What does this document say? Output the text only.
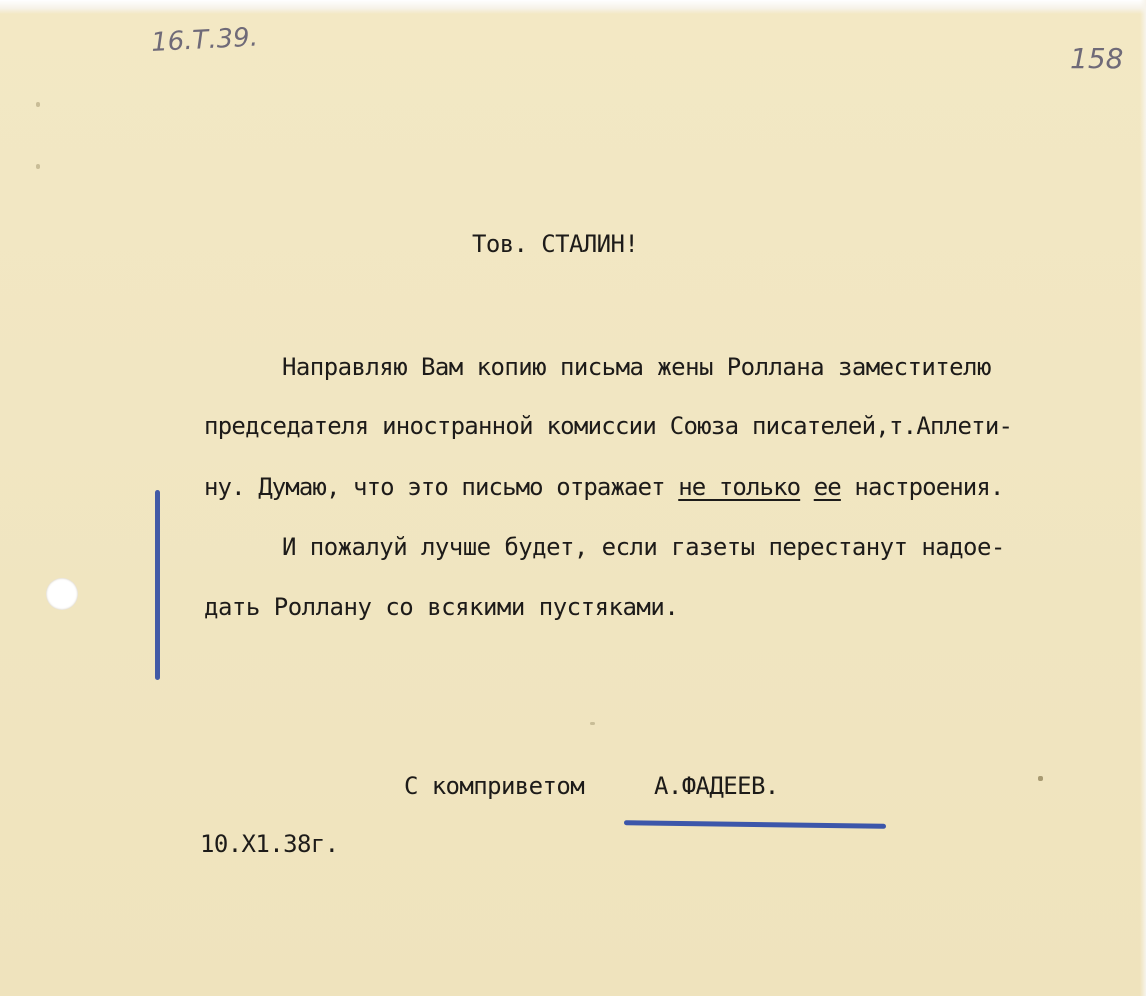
16.Т.39.

158

Тов. СТАЛИН!

Направляю Вам копию письма жены Роллана заместителю

председателя иностранной комиссии Союза писателей,т.Аплети-

ну. Думаю, что это письмо отражает не только ее настроения.

И пожалуй лучше будет, если газеты перестанут надое-

дать Роллану со всякими пустяками.

С комприветом	А.ФАДЕЕВ.

10.Х1.38г.
